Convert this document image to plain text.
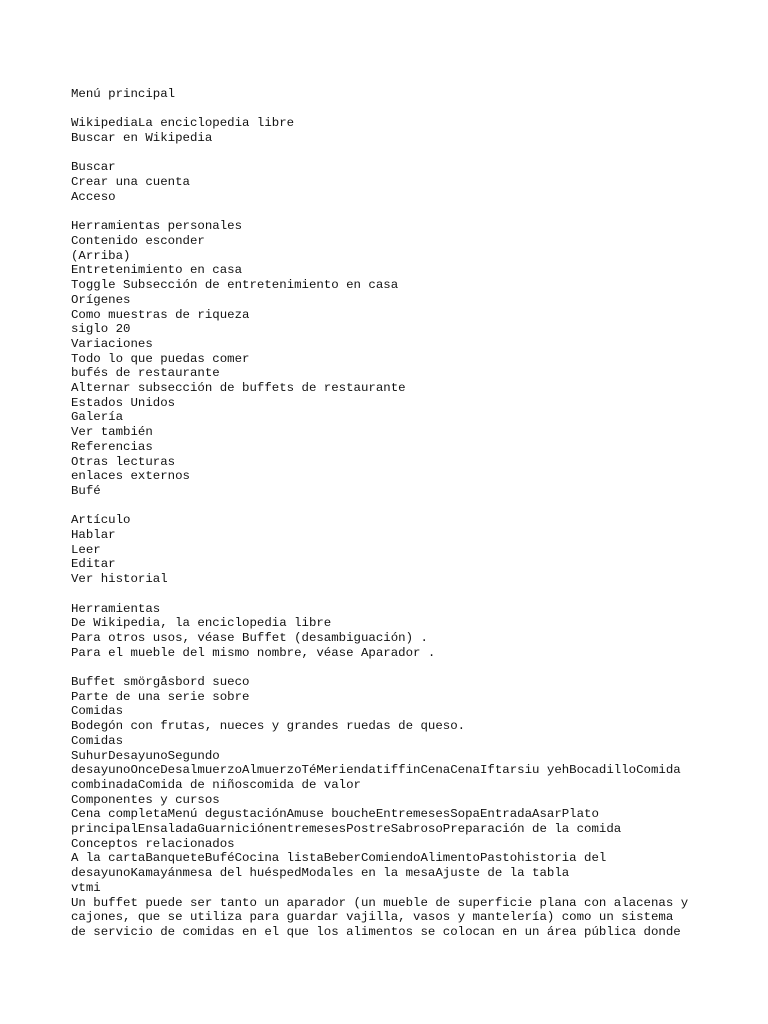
Menú principal
WikipediaLa enciclopedia libre
Buscar en Wikipedia
Buscar
Crear una cuenta
Acceso
Herramientas personales
Contenido esconder
(Arriba)
Entretenimiento en casa
Toggle Subsección de entretenimiento en casa
Orígenes
Como muestras de riqueza
siglo 20
Variaciones
Todo lo que puedas comer
bufés de restaurante
Alternar subsección de buffets de restaurante
Estados Unidos
Galería
Ver también
Referencias
Otras lecturas
enlaces externos
Bufé
Artículo
Hablar
Leer
Editar
Ver historial
Herramientas
De Wikipedia, la enciclopedia libre
Para otros usos, véase Buffet (desambiguación) .
Para el mueble del mismo nombre, véase Aparador .
Buffet smörgåsbord sueco
Parte de una serie sobre
Comidas
Bodegón con frutas, nueces y grandes ruedas de queso.
Comidas
SuhurDesayunoSegundo
desayunoOnceDesalmuerzoAlmuerzoTéMeriendatiffinCenaCenaIftarsiu yehBocadilloComida
combinadaComida de niñoscomida de valor
Componentes y cursos
Cena completaMenú degustaciónAmuse boucheEntremesesSopaEntradaAsarPlato
principalEnsaladaGuarniciónentremesesPostreSabrosoPreparación de la comida
Conceptos relacionados
A la cartaBanqueteBuféCocina listaBeberComiendoAlimentoPastohistoria del
desayunoKamayánmesa del huéspedModales en la mesaAjuste de la tabla
vtmi
Un buffet puede ser tanto un aparador (un mueble de superficie plana con alacenas y
cajones, que se utiliza para guardar vajilla, vasos y mantelería) como un sistema
de servicio de comidas en el que los alimentos se colocan en un área pública donde
